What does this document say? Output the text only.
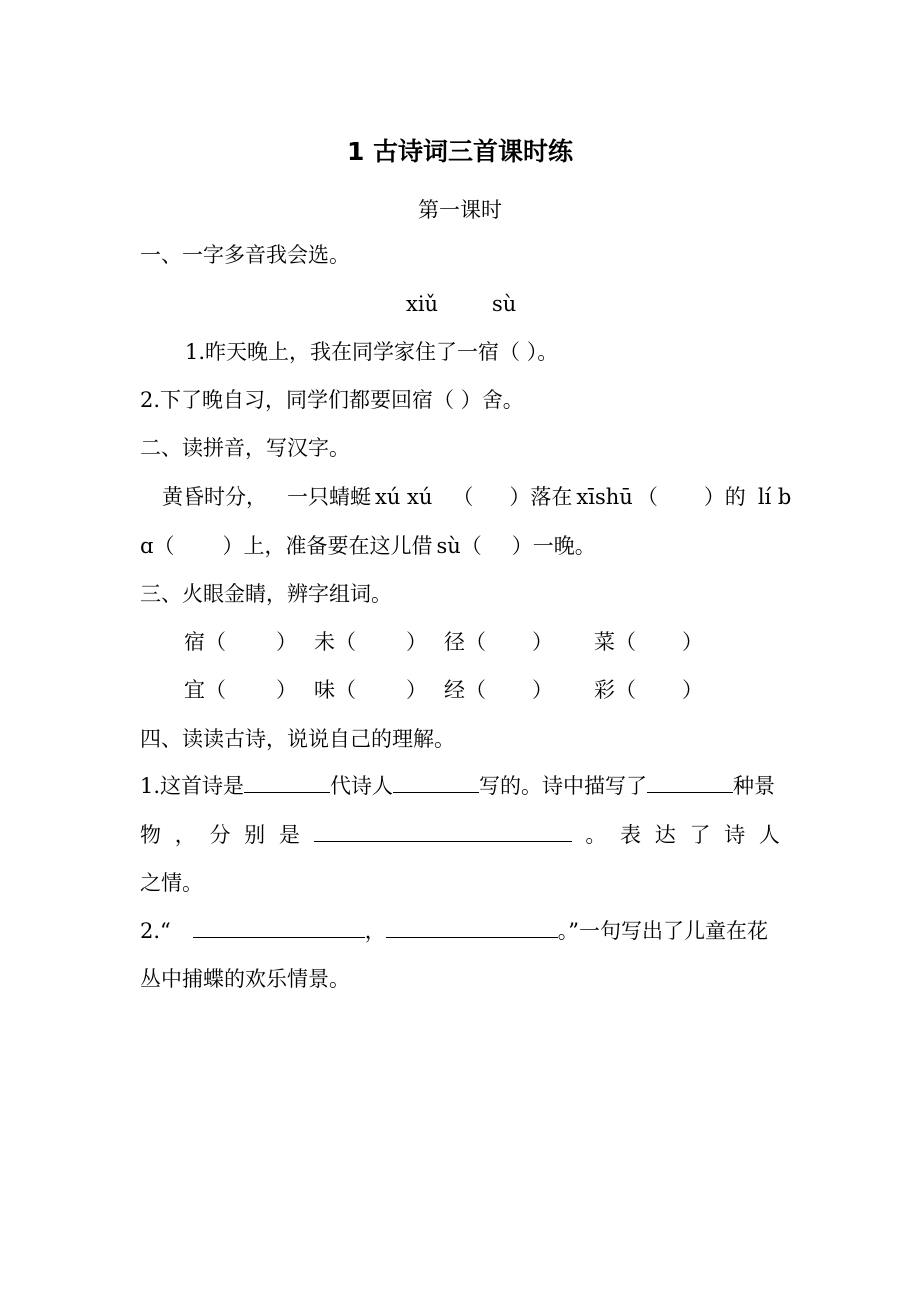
1 古诗词三首课时练
第一课时
一、一字多音我会选。
xiǔ	sù
1.昨天晚上，我在同学家住了一宿（ ）。
2.下了晚自习，同学们都要回宿（ ）舍。
二、读拼音，写汉字。
黄昏时分， 一只蜻蜓 xú xú （ ）落在 xīshū （ ）的 lí b
ɑ（ ）上，准备要在这儿借 sù（ ）一晚。
三、火眼金睛，辨字组词。
宿（ ） 未（ ） 径（ ） 菜（ ）
宜（ ） 味（ ） 经（ ） 彩（ ）
四、读读古诗，说说自己的理解。
1.这首诗是	代诗人	写的。诗中描写了	种景
物 ， 分 别 是	。 表 达 了 诗 人
之情。
2.“	，	。”一句写出了儿童在花
丛中捕蝶的欢乐情景。
